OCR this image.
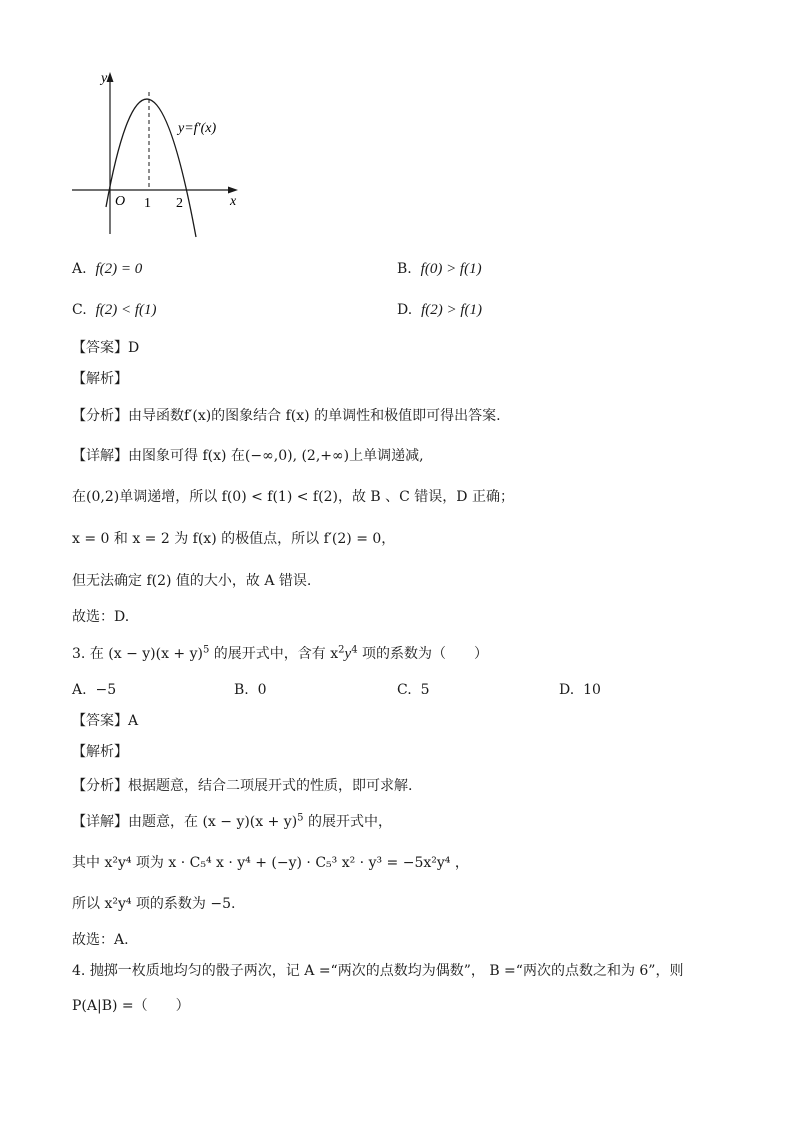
y
x
O 1 2
y=f′(x)
A. f(2) = 0	B. f(0) > f(1)
C. f(2) < f(1)	D. f(2) > f(1)
【答案】D
【解析】
【分析】由导函数f′(x)的图象结合 f(x) 的单调性和极值即可得出答案.
【详解】由图象可得 f(x) 在(−∞,0), (2,+∞)上单调递减,
在(0,2)单调递增，所以 f(0) < f(1) < f(2)，故 B 、C 错误，D 正确；
x = 0 和 x = 2 为 f(x) 的极值点，所以 f′(2) = 0，
但无法确定 f(2) 值的大小，故 A 错误.
故选：D.
3. 在 $(x - y)(x + y)^5$ 的展开式中，含有 $x^2y^4$ 项的系数为（　　）
A. −5	B. 0	C. 5	D. 10
【答案】A
【解析】
【分析】根据题意，结合二项展开式的性质，即可求解.
【详解】由题意，在 $(x - y)(x + y)^5$ 的展开式中，
其中 x²y⁴ 项为 x · C₅⁴ x · y⁴ + (−y) · C₅³ x² · y³ = −5x²y⁴ ，
所以 x²y⁴ 项的系数为 −5.
故选：A.
4. 抛掷一枚质地均匀的骰子两次，记 A =“两次的点数均为偶数”， B =“两次的点数之和为 6”，则
P(A|B) =（　　）
